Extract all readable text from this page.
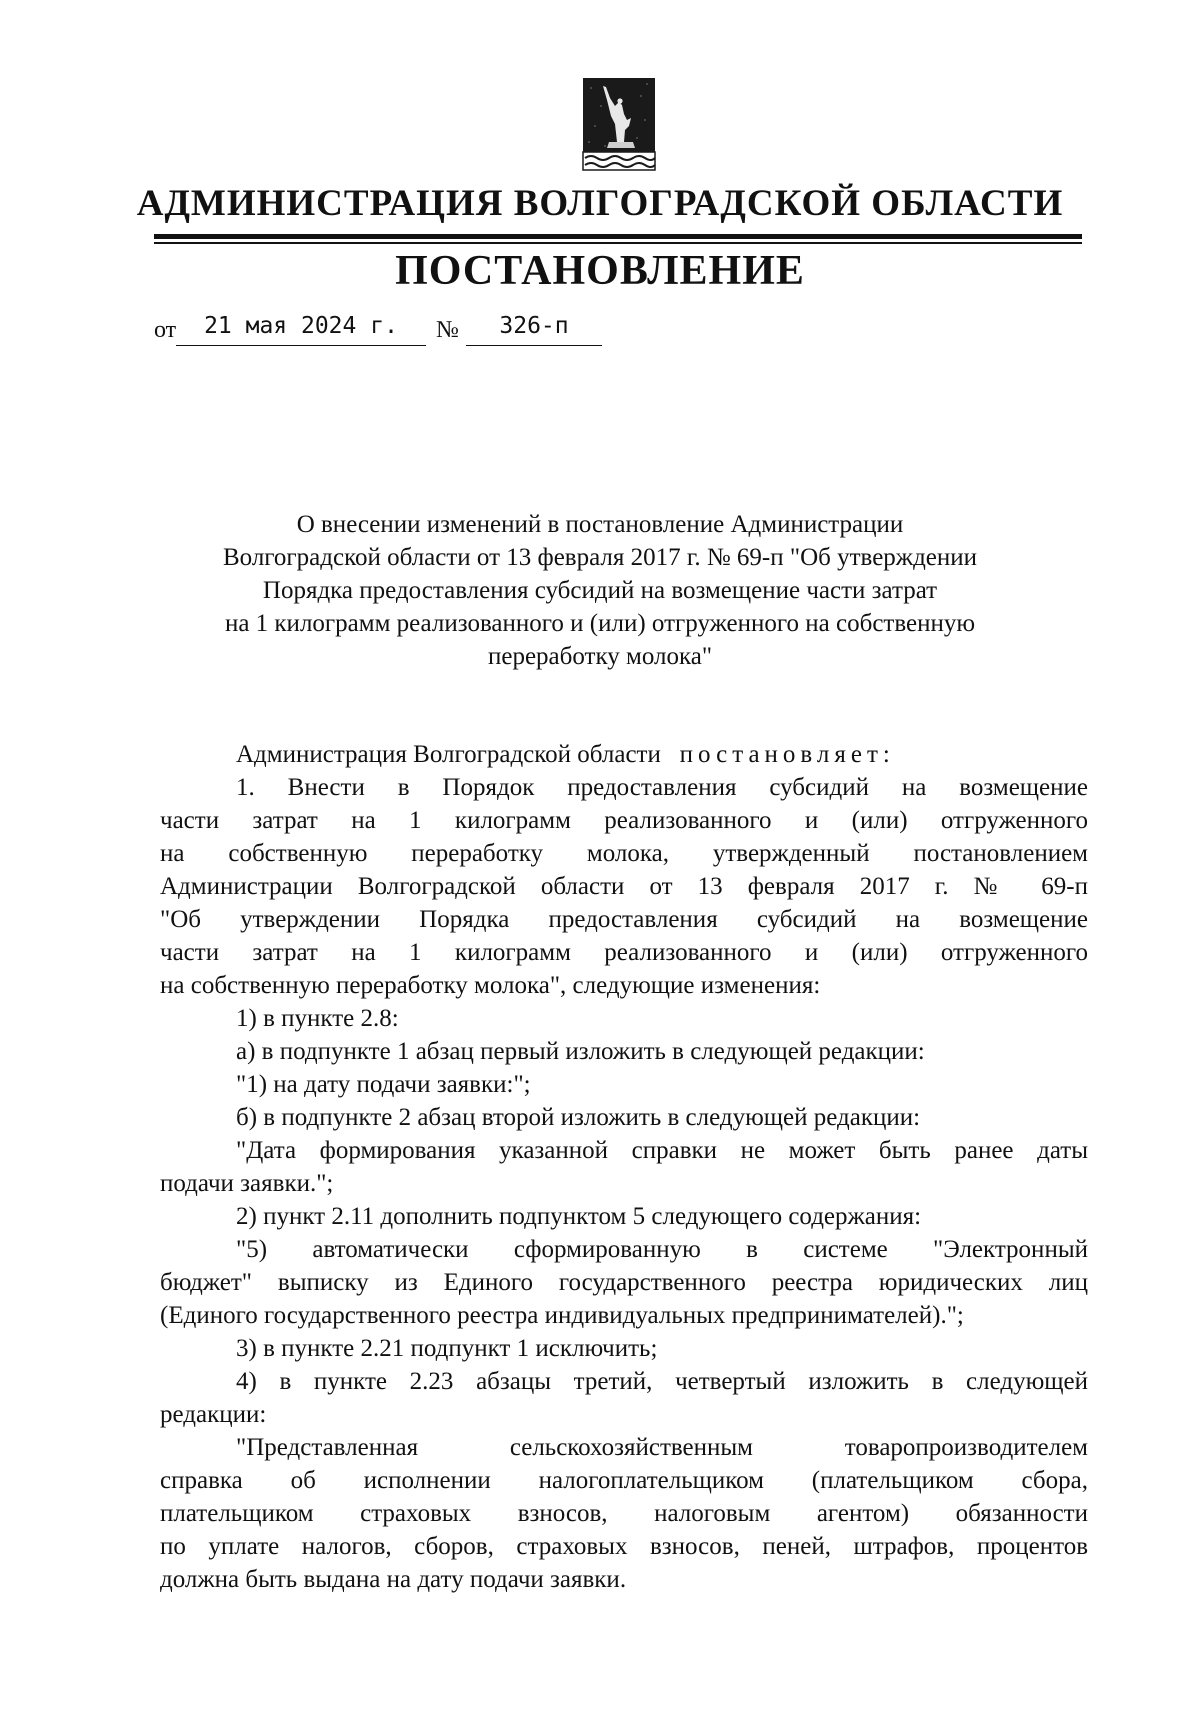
АДМИНИСТРАЦИЯ ВОЛГОГРАДСКОЙ ОБЛАСТИ
ПОСТАНОВЛЕНИЕ
от	21 мая 2024 г.	№	326-п
О внесении изменений в постановление Администрации
Волгоградской области от 13 февраля 2017 г. № 69-п "Об утверждении
Порядка предоставления субсидий на возмещение части затрат
на 1 килограмм реализованного и (или) отгруженного на собственную
переработку молока"
Администрация Волгоградской области постановляет:
1. Внести в Порядок предоставления субсидий на возмещение
части затрат на 1 килограмм реализованного и (или) отгруженного
на собственную переработку молока, утвержденный постановлением
Администрации Волгоградской области от 13 февраля 2017 г. № 69-п
"Об утверждении Порядка предоставления субсидий на возмещение
части затрат на 1 килограмм реализованного и (или) отгруженного
на собственную переработку молока", следующие изменения:
1) в пункте 2.8:
а) в подпункте 1 абзац первый изложить в следующей редакции:
"1) на дату подачи заявки:";
б) в подпункте 2 абзац второй изложить в следующей редакции:
"Дата формирования указанной справки не может быть ранее даты
подачи заявки.";
2) пункт 2.11 дополнить подпунктом 5 следующего содержания:
"5) автоматически сформированную в системе "Электронный
бюджет" выписку из Единого государственного реестра юридических лиц
(Единого государственного реестра индивидуальных предпринимателей).";
3) в пункте 2.21 подпункт 1 исключить;
4) в пункте 2.23 абзацы третий, четвертый изложить в следующей
редакции:
"Представленная сельскохозяйственным товаропроизводителем
справка об исполнении налогоплательщиком (плательщиком сбора,
плательщиком страховых взносов, налоговым агентом) обязанности
по уплате налогов, сборов, страховых взносов, пеней, штрафов, процентов
должна быть выдана на дату подачи заявки.
